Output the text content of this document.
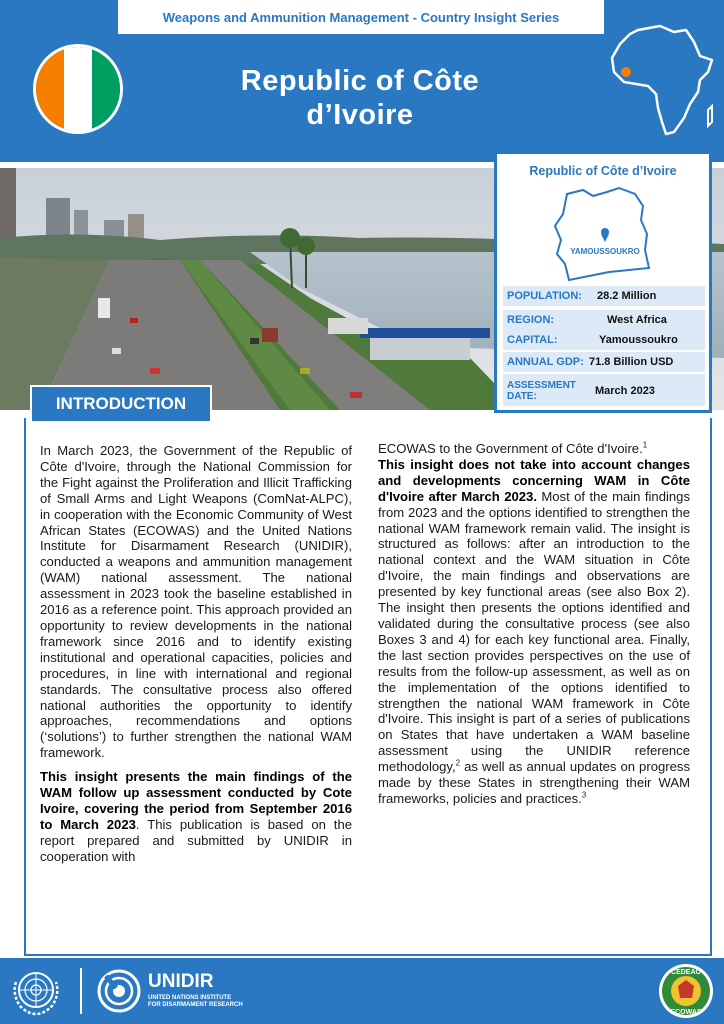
Weapons and Ammunition Management - Country Insight Series
Republic of Côte
d’Ivoire
Republic of Côte d’Ivoire
YAMOUSSOUKRO
POPULATION: 28.2 Million
REGION:	West Africa
CAPITAL:	Yamoussoukro
ANNUAL GDP: 71.8 Billion USD
ASSESSMENT
DATE:	March 2023
INTRODUCTION

In March 2023, the Government of the Republic of Côte d'Ivoire, through the National Commission for the Fight against the Proliferation and Illicit Trafficking of Small Arms and Light Weapons (ComNat-ALPC), in cooperation with the Economic Community of West African States (ECOWAS) and the United Nations Institute for Disarmament Research (UNIDIR), conducted a weapons and ammunition management (WAM) national assessment. The national assessment in 2023 took the baseline established in 2016 as a reference point. This approach provided an opportunity to review developments in the national framework since 2016 and to identify existing institutional and operational capacities, policies and procedures, in line with international and regional standards. The consultative process also offered national authorities the opportunity to identify approaches, recommendations and options (‘solutions’) to further strengthen the national WAM framework.

This insight presents the main findings of the WAM follow up assessment conducted by Cote Ivoire, covering the period from September 2016 to March 2023. This publication is based on the report prepared and submitted by UNIDIR in cooperation with

ECOWAS to the Government of Côte d'Ivoire.$^1$
This insight does not take into account changes and developments concerning WAM in Côte d'Ivoire after March 2023. Most of the main findings from 2023 and the options identified to strengthen the national WAM framework remain valid. The insight is structured as follows: after an introduction to the national context and the WAM situation in Côte d'Ivoire, the main findings and observations are presented by key functional areas (see also Box 2). The insight then presents the options identified and validated during the consultative process (see also Boxes 3 and 4) for each key functional area. Finally, the last section provides perspectives on the use of results from the follow-up assessment, as well as on the implementation of the options identified to strengthen the national WAM framework in Côte d'Ivoire. This insight is part of a series of publications on States that have undertaken a WAM baseline assessment using the UNIDIR reference methodology,$^2$ as well as annual updates on progress made by these States in strengthening their WAM frameworks, policies and practices.$^3$

UNIDIR
UNITED NATIONS INSTITUTE
FOR DISARMAMENT RESEARCH
CEDEAO
ECOWAS
